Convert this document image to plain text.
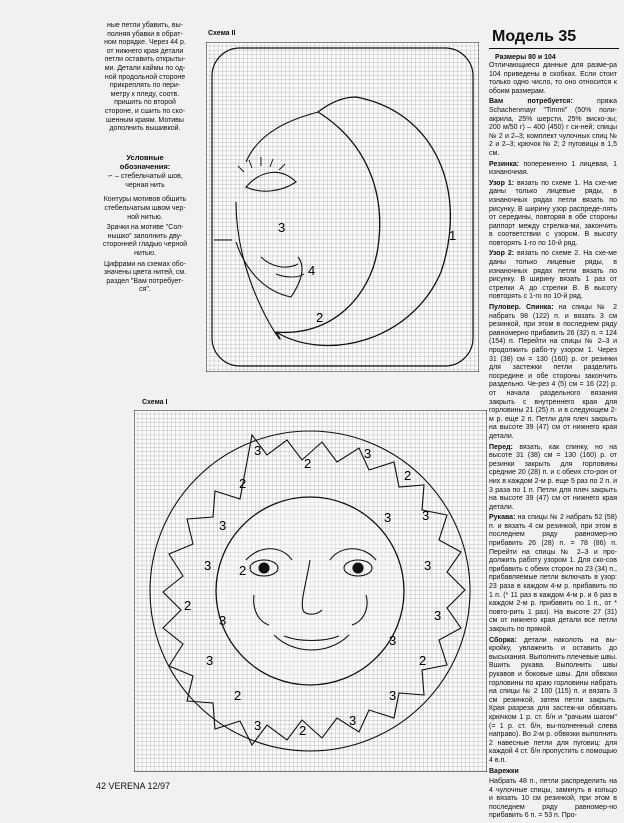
ные петли убавить, вы-
полняя убавки в обрат-
ном порядке. Через 44 р.
от нижнего края детали
петли оставить открыты-
ми. Детали каймы по од-
ной продольной стороне
прикреплять по пери-
метру к пледу, соотв.
пришить по второй
стороне, и сшить по ско-
шенным краям. Мотивы
дополнить вышивкой.

Условные
обозначения:

∽ – стебельчатый шов,
черная нить

Контуры мотивов обшить
стебельчатым швом чер-
ной нитью.

Зрачки на мотиве "Сол-
нышко" заполнить дву-
сторонней гладью черной
нитью.

Цифрами на схемах обо-
значены цвета нитей, см.
раздел "Вам потребует-
ся".

Схема II
Схема I
3
1
4
2
3
2
3
2
3
2
3
3
2
3
3
2
3	2
3
3
2
3
3
3
2
3
Модель 35
Размеры 80 и 104

Отличающиеся данные для разме-ра 104 приведены в скобках. Если стоит только одно число, то оно относится к обоим размерам.

Вам потребуется: пряжа Schachenmayr "Timmi" (50% поли-акрила, 25% шерсти, 25% виско-зы; 200 м/50 г) – 400 (450) г си-ней; спицы № 2 и 2–3; комплект чулочных спиц № 2 и 2–3; крючок № 2; 2 пуговицы в 1,5 см.

Резинка: попеременно 1 лицевая, 1 изнаночная.

Узор 1: вязать по схеме 1. На схе-ме даны только лицевые ряды, в изнаночных рядах петли вязать по рисунку. В ширину узор распреде-лять от середины, повторяя в обе стороны раппорт между стрелка-ми, закончить в соответствии с узором. В высоту повторять 1-го по 10-й ряд.

Узор 2: вязать по схеме 2. На схе-ме даны только лицевые ряды, в изнаночных рядах петли вязать по рисунку. В ширину вязать 1 раз от стрелки А до стрелки В. В высоту повторять с 1-го по 10-й ряд.

Пуловер. Спинка: на спицы № 2 набрать 98 (122) п. и вязать 3 см резинкой, при этом в последнем ряду равномерно прибавить 26 (32) п. = 124 (154) п. Перейти на спицы № 2–3 и продолжить рабо-ту узором 1. Через 31 (38) см = 130 (160) р. от резинки для застежки петли разделить посредине и обе стороны закончить раздельно. Че-рез 4 (5) см = 16 (22) р. от начала раздельного вязания закрыть с внутреннего края для горловины 21 (25) п. и в следующем 2-м р. еще 2 п. Петли для плеч закрыть на высоте 39 (47) см от нижнего края детали.

Перед: вязать, как спинку, но на высоте 31 (38) см = 130 (160) р. от резинки закрыть для горловины средние 20 (28) п. и с обеих сто-рон от них в каждом 2-м р. еще 5 раз по 2 п. и 3 раза по 1 п. Петли для плеч закрыть на высоте 39 (47) см от нижнего края детали.

Рукава: на спицы № 2 набрать 52 (58) п. и вязать 4 см резинкой, при этом в последнем ряду равномер-но прибавить 26 (28) п. = 78 (86) п. Перейти на спицы № 2–3 и про-должить работу узором 1. Для ско-сов прибавить с обеих сторон по 23 (34) п., прибавляемые петли включать в узор: 23 раза в каждом 4-м р. прибавить по 1 п. (* 11 раз в каждом 4-м р. и 6 раз в каждом 2-м р. прибавить по 1 п., от * повто-рить 1 раз). На высоте 27 (31) см от нижнего края детали все петли закрыть по прямой.

Сборка: детали наколоть на вы-кройку, увлажнить и оставить до высыхания. Выполнить плечевые швы. Вшить рукава. Выполнить швы рукавов и боковые швы. Для обвязки горловины по краю горловины набрать на спицы № 2 100 (115) п. и вязать 3 см резинкой, затем петли закрыть. Края разреза для застеж-ки обвязать крючком 1 р. ст. б/н и "рачьим шагом" (= 1 р. ст. б/н, вы-полненный слева направо). Во 2-м р. обвязки выполнить 2 навесные петли для пуговиц: для каждой 4 ст. б/н пропустить с помощью 4 в.п.

Варежки

Набрать 48 п., петли распределить на 4 чулочные спицы, замкнуть в кольцо и вязать 10 см резинкой, при этом в последнем ряду равномер-но прибавить 6 п. = 53 п. Про-

42 VERENA 12/97
